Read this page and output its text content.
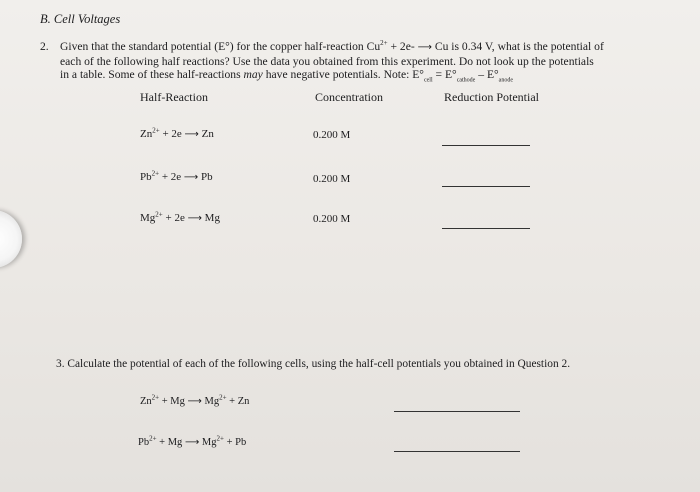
B. Cell Voltages
2. Given that the standard potential (E°) for the copper half-reaction $Cu^{2+} + 2e-$ ⟶ Cu is 0.34 V, what is the potential of
each of the following half reactions? Use the data you obtained from this experiment. Do not look up the potentials
in a table. Some of these half-reactions may have negative potentials. Note: $E^\circ_{cell} = E^\circ_{cathode} - E^\circ_{anode}$
Half-Reaction	Concentration	Reduction Potential
$Zn^{2+} + 2e$ ⟶ Zn	0.200 M
$Pb^{2+} + 2e$ ⟶ Pb	0.200 M
$Mg^{2+} + 2e$ ⟶ Mg	0.200 M
3. Calculate the potential of each of the following cells, using the half-cell potentials you obtained in Question 2.
$Zn^{2+} + Mg$ ⟶ $Mg^{2+} + Zn$
$Pb^{2+} + Mg$ ⟶ $Mg^{2+} + Pb$
